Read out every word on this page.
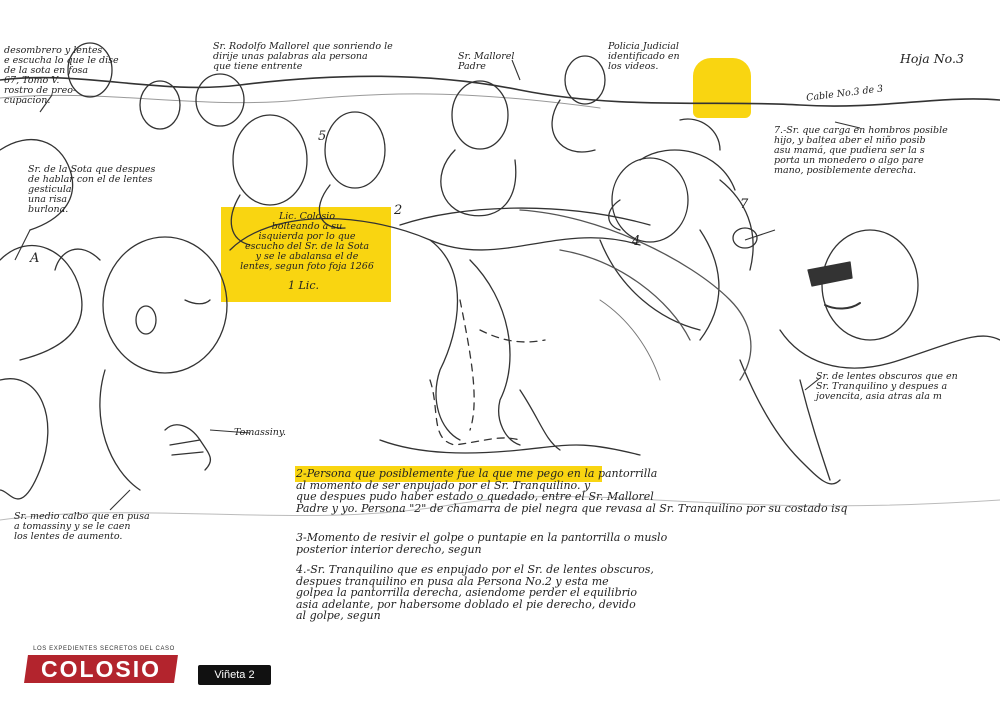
2
4
5
7
A
desombrero y lentes
e escucha lo que le dise
de la sota en fosa
67, Tomo V.
rostro de preo-
cupacion.
Sr. Rodolfo Mallorel que sonriendo le
dirije unas palabras ala persona
que tiene entrente
Sr. Mallorel
Padre
Policia Judicial
identificado en
los videos.
Hoja No.3
Cable No.3 de 3
Sr. de la Sota que despues
de hablar con el de lentes
gesticula
una risa
burlona.
Lic. Colosio
bolteando a su
isquierda por lo que
escucho del Sr. de la Sota
y se le abalansa el de
lentes, segun foto foja 1266
1 Lic.
7.-Sr. que carga en hombros posible
hijo, y baltea aber el niño posib
asu mamá, que pudiera ser la s
porta un monedero o algo pare
mano, posiblemente derecha.
Sr. de lentes obscuros que en
Sr. Tranquilino y despues a
jovencita, asia atras ala m
Tomassiny.
Sr. medio calbo que en pusa
a tomassiny y se le caen
los lentes de aumento.
2-Persona que posiblemente fue la que me pego en la pantorrilla
al momento de ser enpujado por el Sr. Tranquilino. y
que despues pudo haber estado o quedado, entre el Sr. Mallorel
Padre y yo. Persona "2" de chamarra de piel negra que revasa al Sr. Tranquilino por su costado isq
3-Momento de resivir el golpe o puntapie en la pantorrilla o muslo
posterior interior derecho, segun
4.-Sr. Tranquilino que es enpujado por el Sr. de lentes obscuros,
despues tranquilino en pusa ala Persona No.2 y esta me
golpea la pantorrilla derecha, asiendome perder el equilibrio
asia adelante, por habersome doblado el pie derecho, devido
al golpe, segun
LOS EXPEDIENTES SECRETOS DEL CASO
COLOSIO	Viñeta 2
